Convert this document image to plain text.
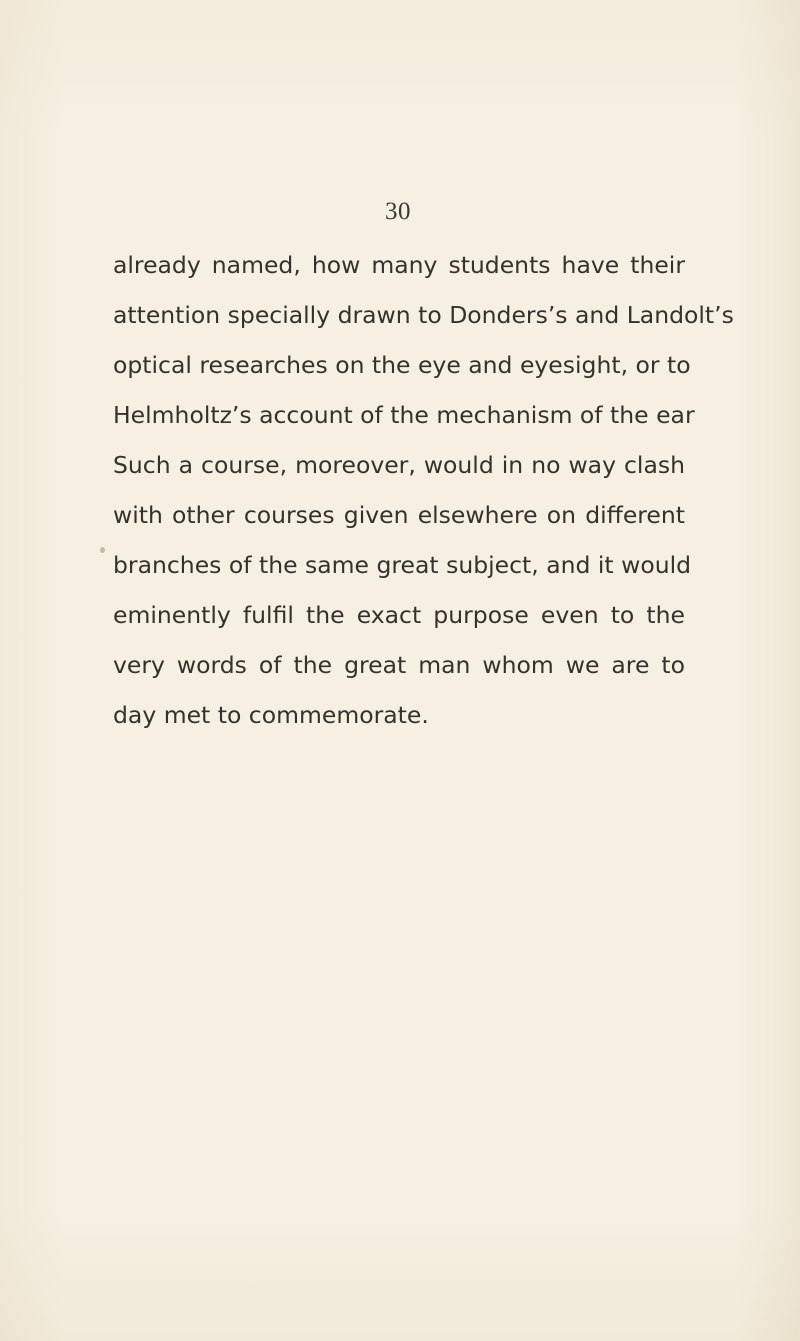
30
already named, how many students have their
attention specially drawn to Donders’s and Landolt’s
optical researches on the eye and eyesight, or to
Helmholtz’s account of the mechanism of the ear
Such a course, moreover, would in no way clash
with other courses given elsewhere on different
branches of the same great subject, and it would
eminently fulfil the exact purpose even to the
very words of the great man whom we are to
day met to commemorate.
